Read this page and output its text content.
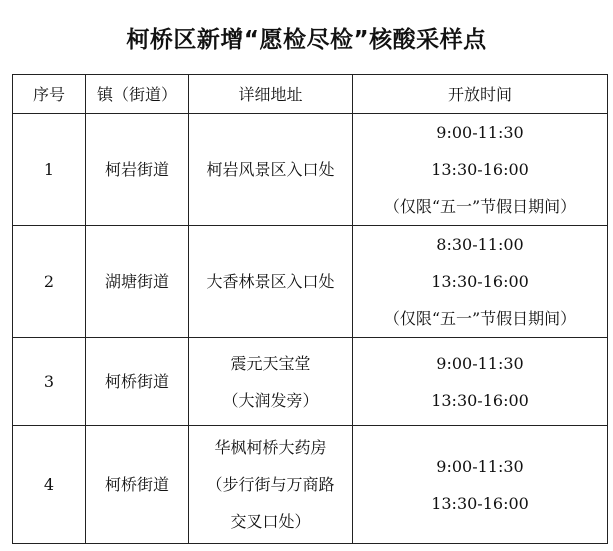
柯桥区新增“愿检尽检”核酸采样点
序号	镇（街道）	详细地址	开放时间
1	柯岩街道	柯岩风景区入口处	9:00-11:30
13:30-16:00
（仅限“五一”节假日期间）

2	湖塘街道	大香林景区入口处	8:30-11:00
13:30-16:00
（仅限“五一”节假日期间）

3	柯桥街道	震元天宝堂
（大润发旁）	9:00-11:30
13:30-16:00

4	柯桥街道	华枫柯桥大药房
（步行街与万商路
交叉口处）	9:00-11:30
13:30-16:00
